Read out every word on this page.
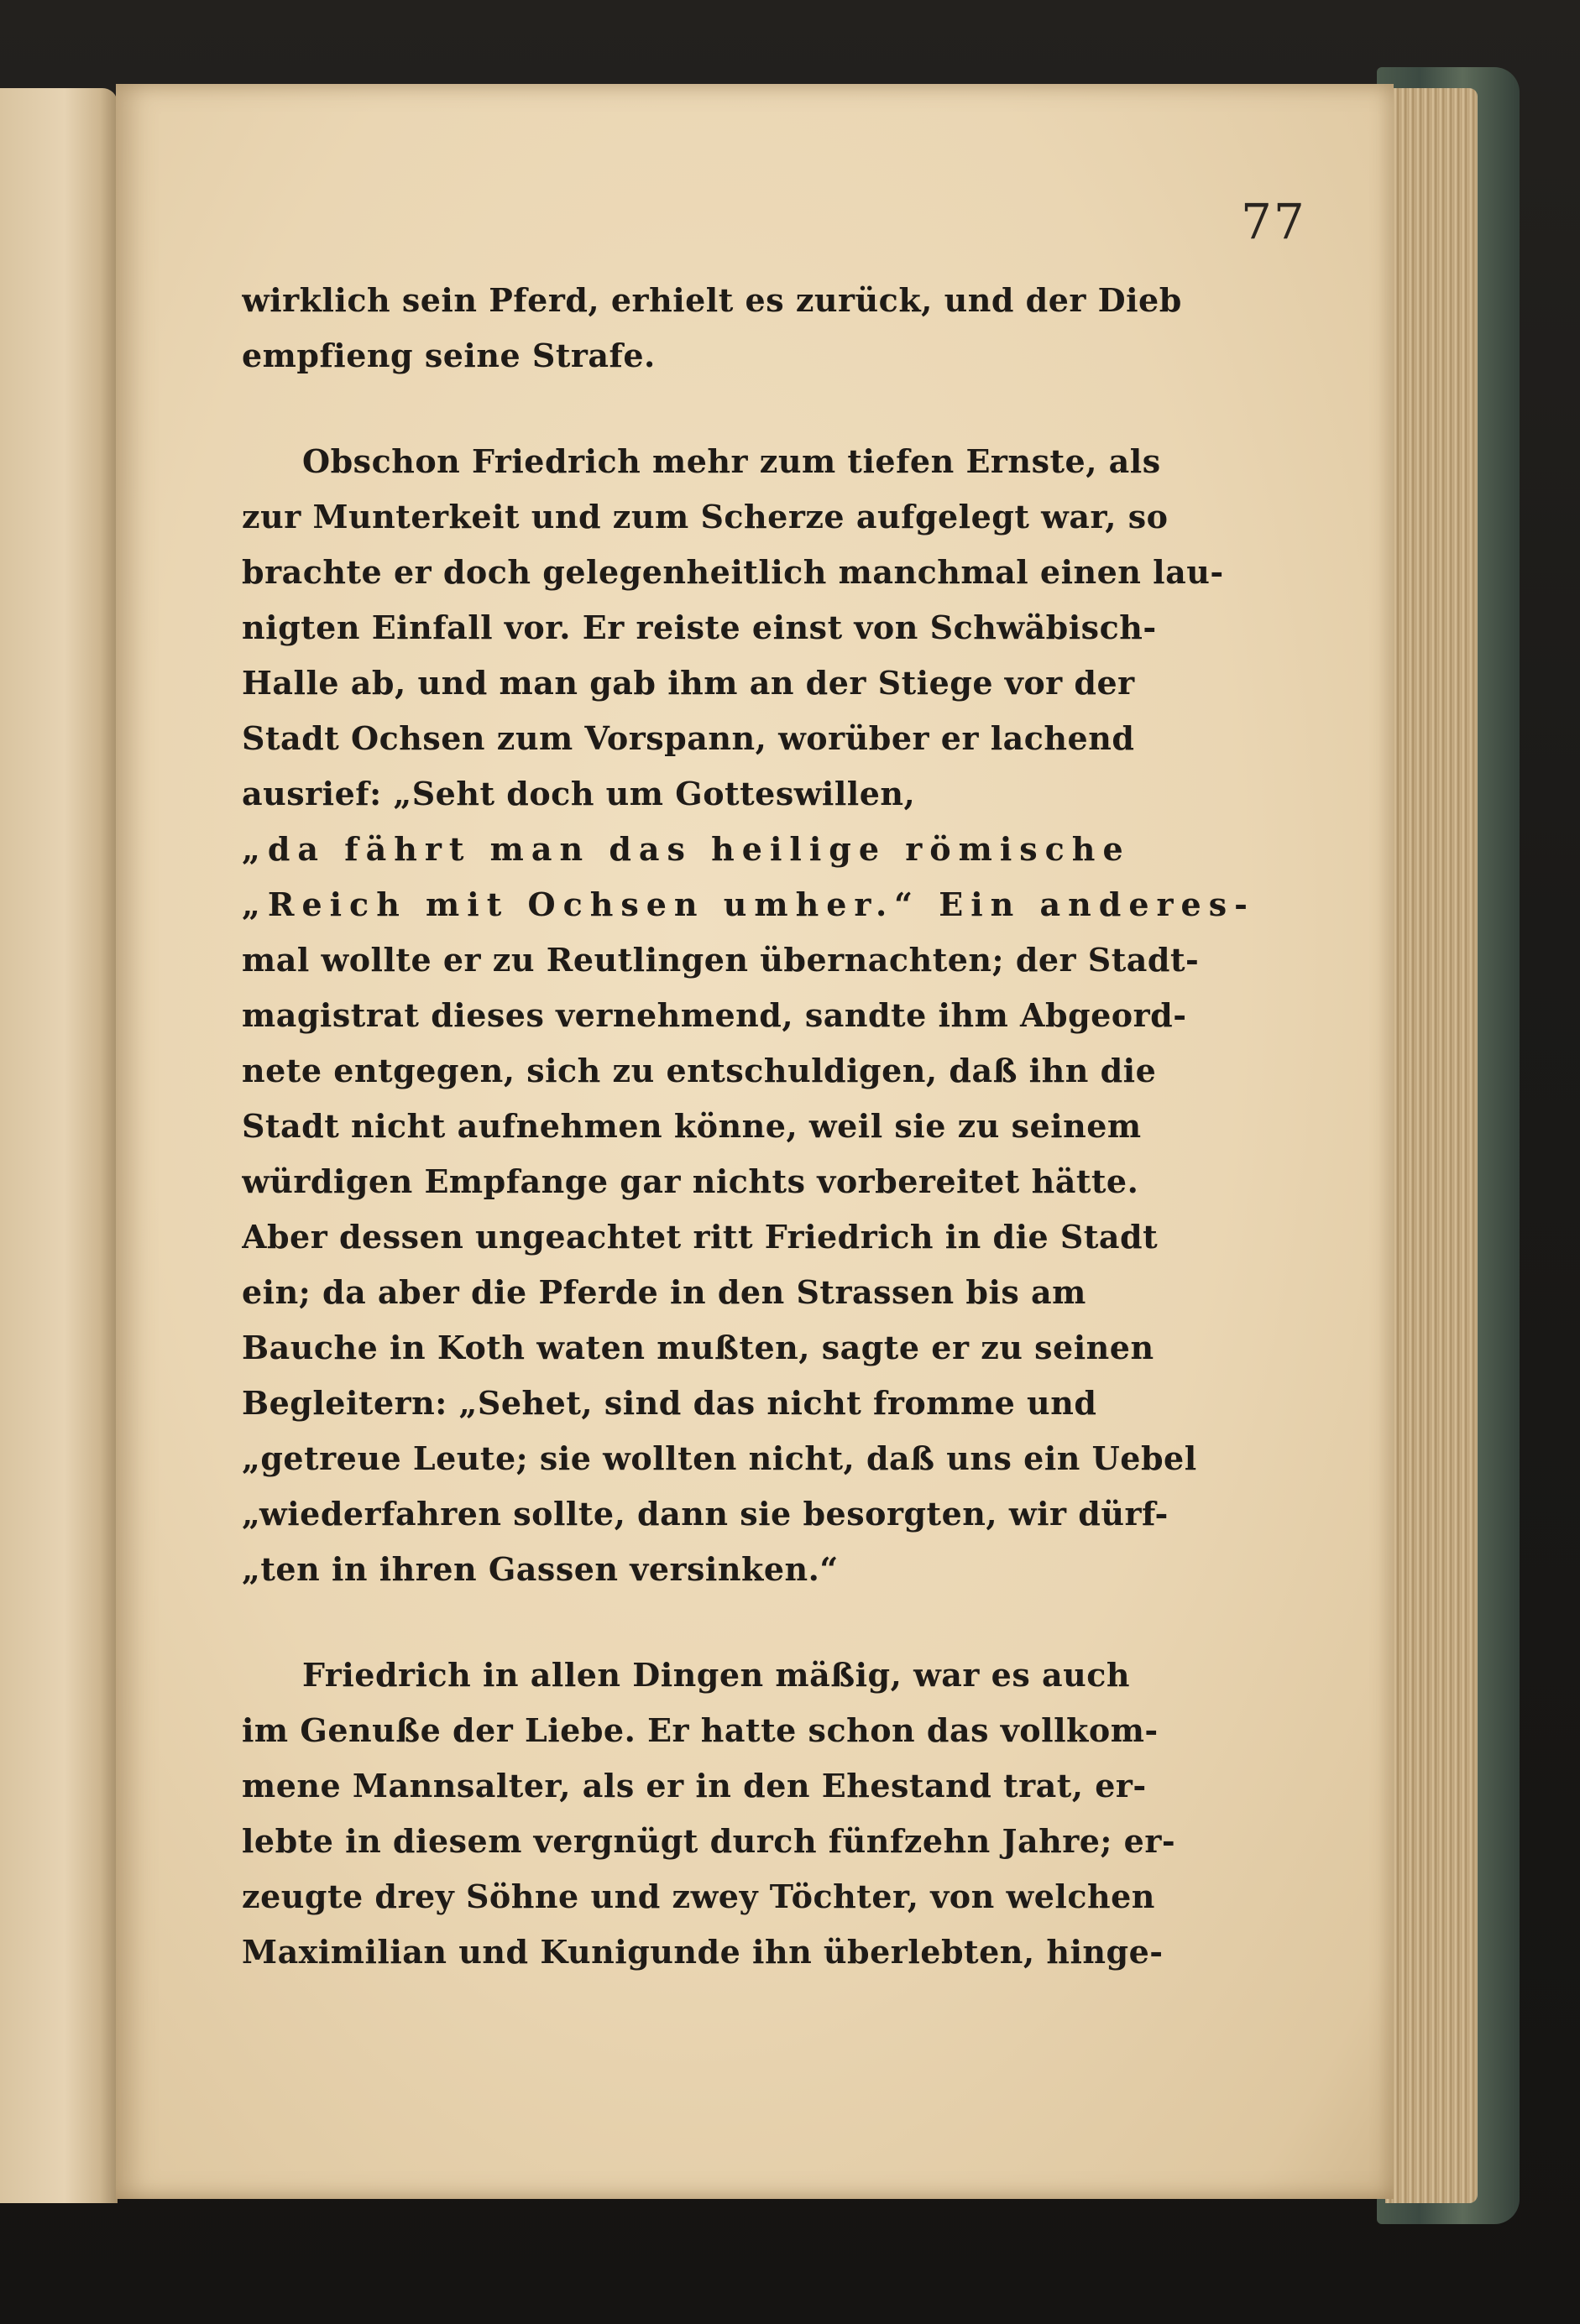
77
wirklich sein Pferd, erhielt es zurück, und der Dieb
empfieng seine Strafe.
Obschon Friedrich mehr zum tiefen Ernste, als
zur Munterkeit und zum Scherze aufgelegt war, so
brachte er doch gelegenheitlich manchmal einen lau-
nigten Einfall vor. Er reiste einst von Schwäbisch-
Halle ab, und man gab ihm an der Stiege vor der
Stadt Ochsen zum Vorspann, worüber er lachend
ausrief: „Seht doch um Gotteswillen,
„da fährt man das heilige römische
„Reich mit Ochsen umher.“ Ein anderes-
mal wollte er zu Reutlingen übernachten; der Stadt-
magistrat dieses vernehmend, sandte ihm Abgeord-
nete entgegen, sich zu entschuldigen, daß ihn die
Stadt nicht aufnehmen könne, weil sie zu seinem
würdigen Empfange gar nichts vorbereitet hätte.
Aber dessen ungeachtet ritt Friedrich in die Stadt
ein; da aber die Pferde in den Strassen bis am
Bauche in Koth waten mußten, sagte er zu seinen
Begleitern: „Sehet, sind das nicht fromme und
„getreue Leute; sie wollten nicht, daß uns ein Uebel
„wiederfahren sollte, dann sie besorgten, wir dürf-
„ten in ihren Gassen versinken.“
Friedrich in allen Dingen mäßig, war es auch
im Genuße der Liebe. Er hatte schon das vollkom-
mene Mannsalter, als er in den Ehestand trat, er-
lebte in diesem vergnügt durch fünfzehn Jahre; er-
zeugte drey Söhne und zwey Töchter, von welchen
Maximilian und Kunigunde ihn überlebten, hinge-
